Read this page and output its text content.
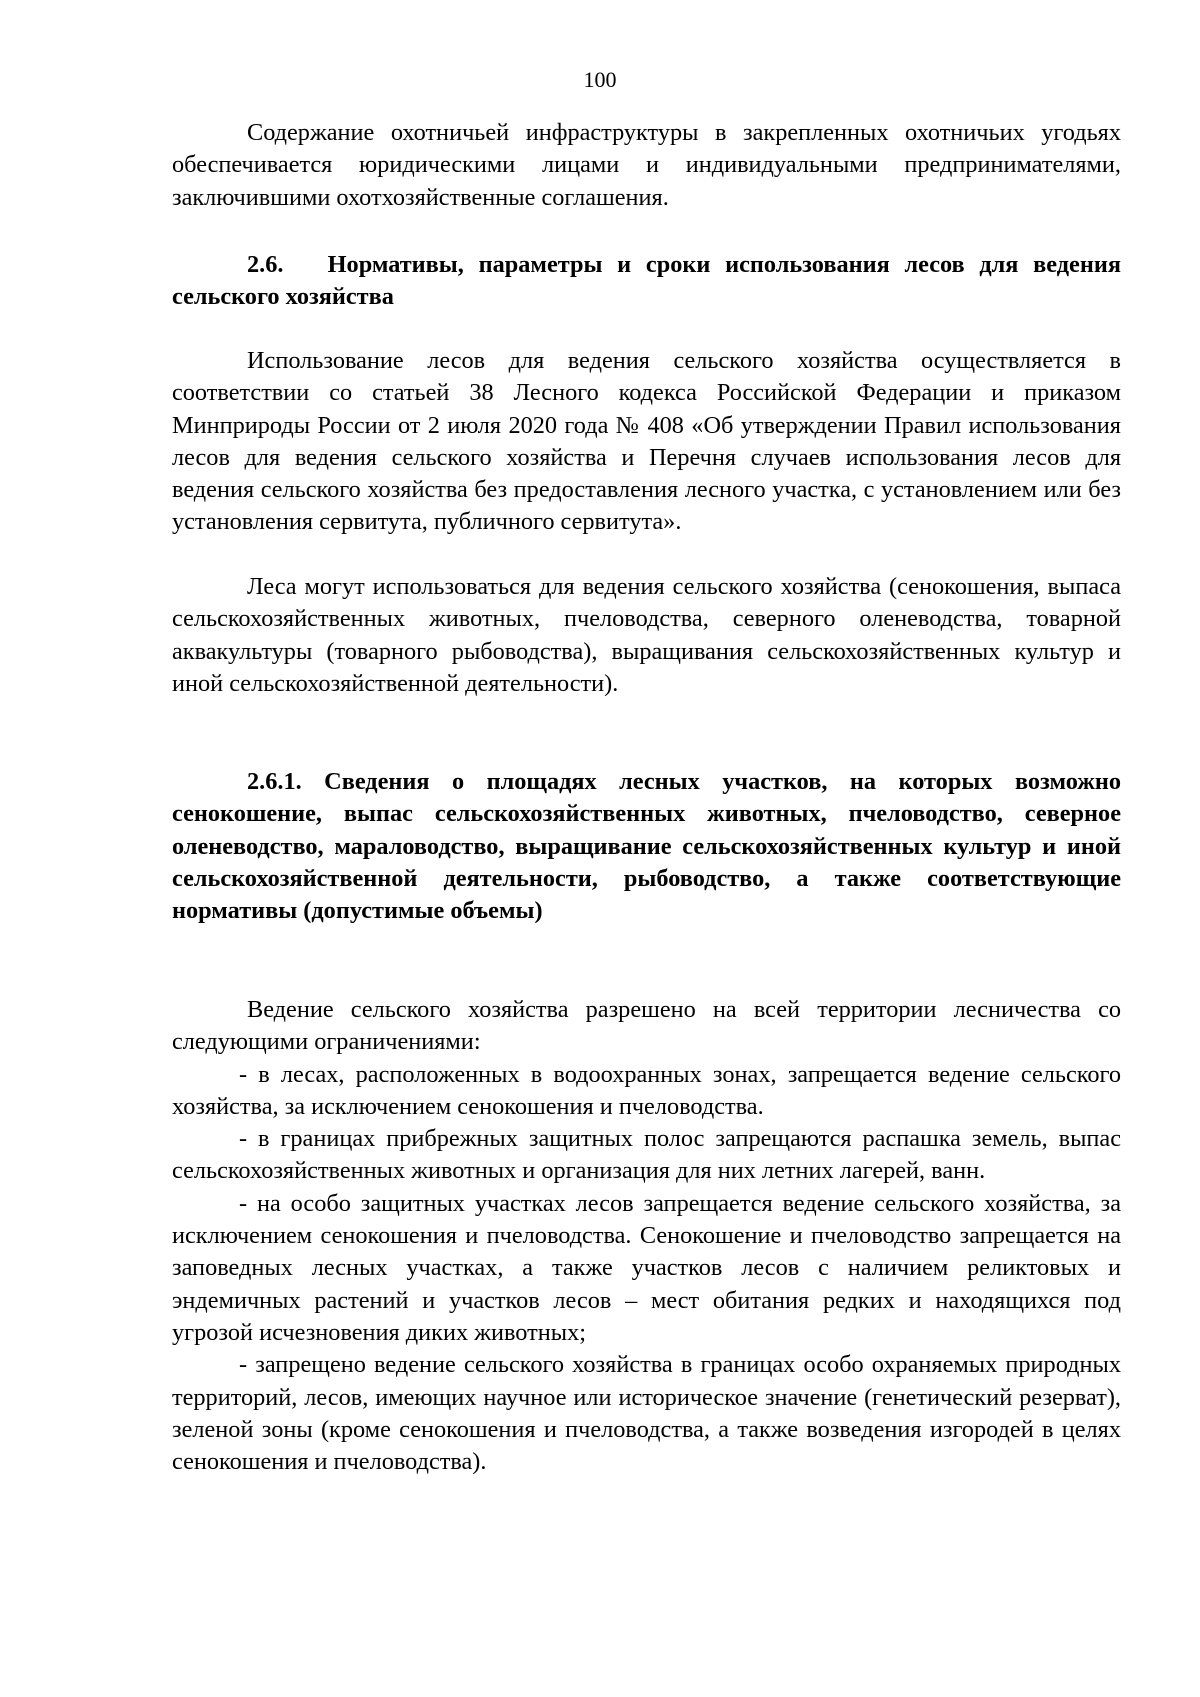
100
Содержание охотничьей инфраструктуры в закрепленных охотничьих угодьях обеспечивается юридическими лицами и индивидуальными предпринимателями, заключившими охотхозяйственные соглашения.
2.6. Нормативы, параметры и сроки использования лесов для ведения сельского хозяйства
Использование лесов для ведения сельского хозяйства осуществляется в соответствии со статьей 38 Лесного кодекса Российской Федерации и приказом Минприроды России от 2 июля 2020 года № 408 «Об утверждении Правил использования лесов для ведения сельского хозяйства и Перечня случаев использования лесов для ведения сельского хозяйства без предоставления лесного участка, с установлением или без установления сервитута, публичного сервитута».
Леса могут использоваться для ведения сельского хозяйства (сенокошения, выпаса сельскохозяйственных животных, пчеловодства, северного оленеводства, товарной аквакультуры (товарного рыбоводства), выращивания сельскохозяйственных культур и иной сельскохозяйственной деятельности).
2.6.1. Сведения о площадях лесных участков, на которых возможно сенокошение, выпас сельскохозяйственных животных, пчеловодство, северное оленеводство, мараловодство, выращивание сельскохозяйственных культур и иной сельскохозяйственной деятельности, рыбоводство, а также соответствующие нормативы (допустимые объемы)
Ведение сельского хозяйства разрешено на всей территории лесничества со следующими ограничениями:
- в лесах, расположенных в водоохранных зонах, запрещается ведение сельского хозяйства, за исключением сенокошения и пчеловодства.
- в границах прибрежных защитных полос запрещаются распашка земель, выпас сельскохозяйственных животных и организация для них летних лагерей, ванн.
- на особо защитных участках лесов запрещается ведение сельского хозяйства, за исключением сенокошения и пчеловодства. Сенокошение и пчеловодство запрещается на заповедных лесных участках, а также участков лесов с наличием реликтовых и эндемичных растений и участков лесов – мест обитания редких и находящихся под угрозой исчезновения диких животных;
- запрещено ведение сельского хозяйства в границах особо охраняемых природных территорий, лесов, имеющих научное или историческое значение (генетический резерват), зеленой зоны (кроме сенокошения и пчеловодства, а также возведения изгородей в целях сенокошения и пчеловодства).
